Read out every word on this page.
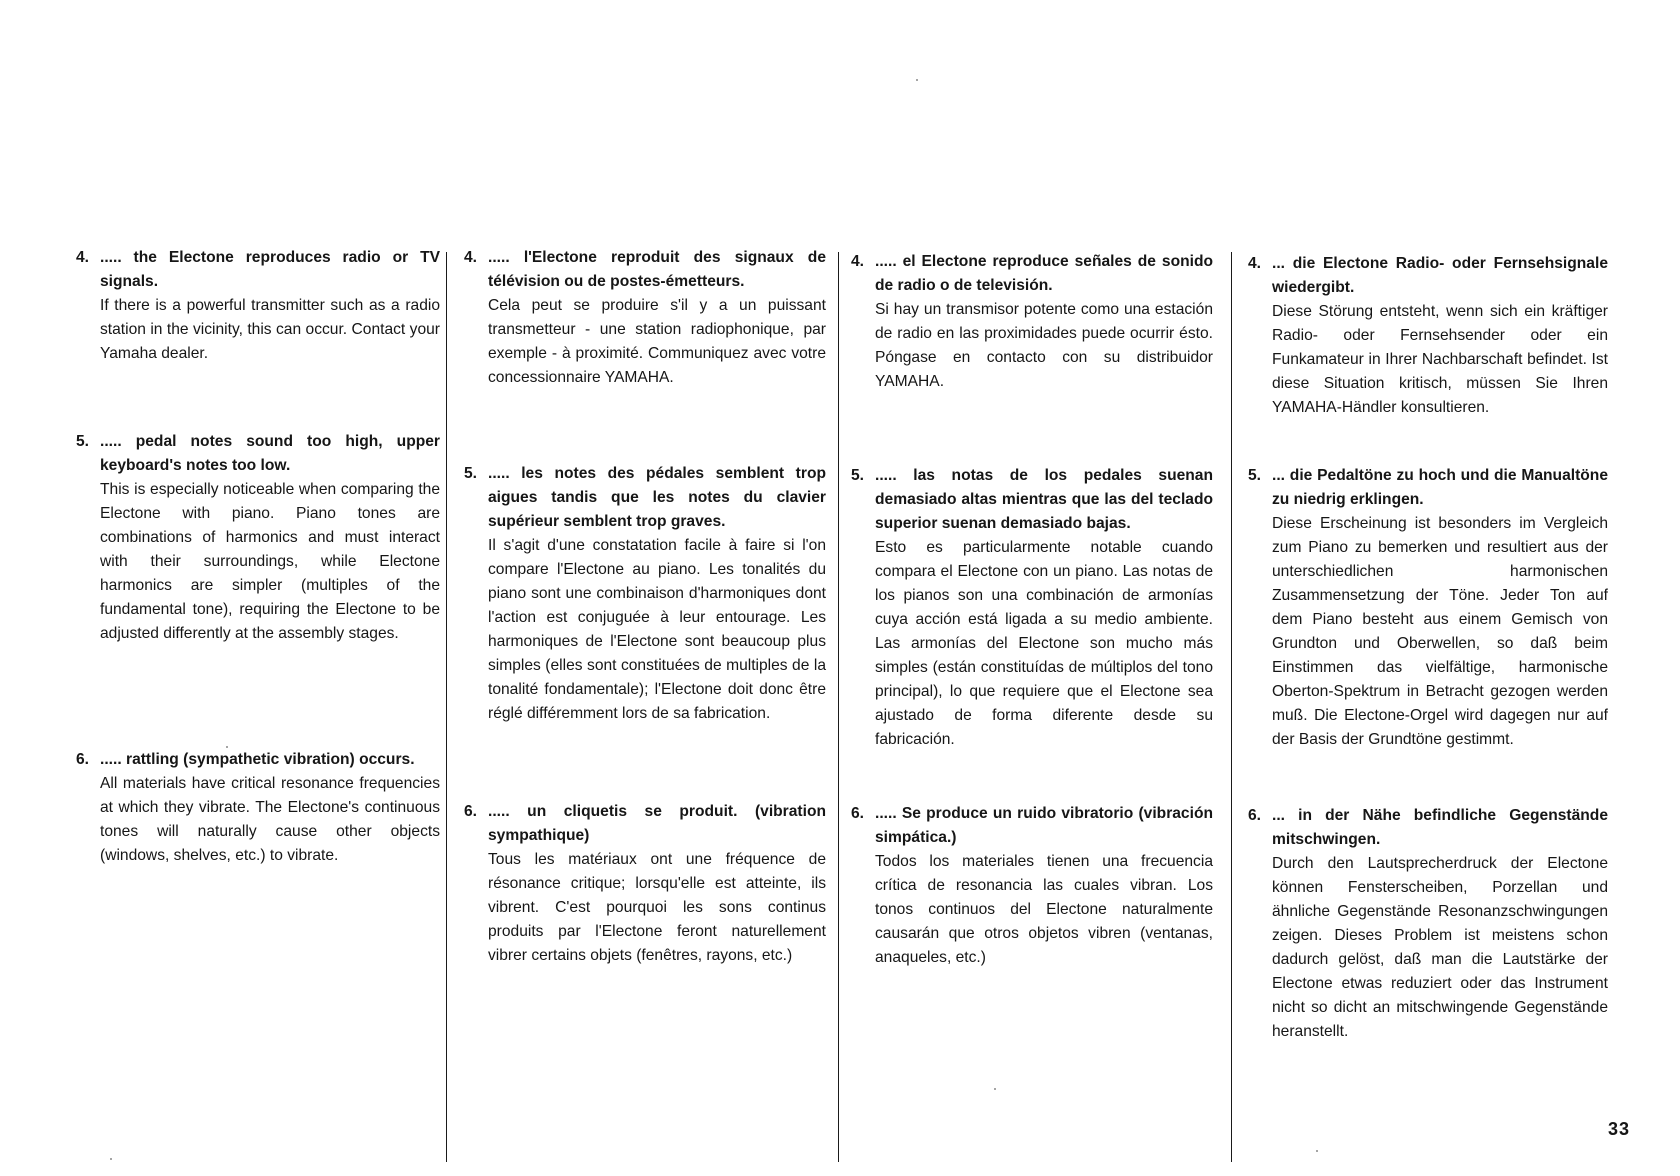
4. ..... the Electone reproduces radio or TV signals.
If there is a powerful transmitter such as a radio station in the vicinity, this can occur. Contact your Yamaha dealer.
5. ..... pedal notes sound too high, upper keyboard's notes too low.
This is especially noticeable when comparing the Electone with piano. Piano tones are combinations of harmonics and must interact with their surroundings, while Electone harmonics are simpler (multiples of the fundamental tone), requiring the Electone to be adjusted differently at the assembly stages.
6. ..... rattling (sympathetic vibration) occurs.
All materials have critical resonance frequencies at which they vibrate. The Electone's continuous tones will naturally cause other objects (windows, shelves, etc.) to vibrate.
4. ..... l'Electone reproduit des signaux de télévision ou de postes-émetteurs.
Cela peut se produire s'il y a un puissant transmetteur - une station radiophonique, par exemple - à proximité. Communiquez avec votre concessionnaire YAMAHA.
5. ..... les notes des pédales semblent trop aigues tandis que les notes du clavier supérieur semblent trop graves.
Il s'agit d'une constatation facile à faire si l'on compare l'Electone au piano. Les tonalités du piano sont une combinaison d'harmoniques dont l'action est conjuguée à leur entourage. Les harmoniques de l'Electone sont beaucoup plus simples (elles sont constituées de multiples de la tonalité fondamentale); l'Electone doit donc être réglé différemment lors de sa fabrication.
6. ..... un cliquetis se produit. (vibration sympathique)
Tous les matériaux ont une fréquence de résonance critique; lorsqu'elle est atteinte, ils vibrent. C'est pourquoi les sons continus produits par l'Electone feront naturellement vibrer certains objets (fenêtres, rayons, etc.)
4. ..... el Electone reproduce señales de sonido de radio o de televisión.
Si hay un transmisor potente como una estación de radio en las proximidades puede ocurrir ésto. Póngase en contacto con su distribuidor YAMAHA.
5. ..... las notas de los pedales suenan demasiado altas mientras que las del teclado superior suenan demasiado bajas.
Esto es particularmente notable cuando compara el Electone con un piano. Las notas de los pianos son una combinación de armonías cuya acción está ligada a su medio ambiente. Las armonías del Electone son mucho más simples (están constituídas de múltiplos del tono principal), lo que requiere que el Electone sea ajustado de forma diferente desde su fabricación.
6. ..... Se produce un ruido vibratorio (vibración simpática.)
Todos los materiales tienen una frecuencia crítica de resonancia las cuales vibran. Los tonos continuos del Electone naturalmente causarán que otros objetos vibren (ventanas, anaqueles, etc.)
4. ... die Electone Radio- oder Fernsehsignale wiedergibt.
Diese Störung entsteht, wenn sich ein kräftiger Radio- oder Fernsehsender oder ein Funkamateur in Ihrer Nachbarschaft befindet. Ist diese Situation kritisch, müssen Sie Ihren YAMAHA-Händler konsultieren.
5. ... die Pedaltöne zu hoch und die Manualtöne zu niedrig erklingen.
Diese Erscheinung ist besonders im Vergleich zum Piano zu bemerken und resultiert aus der unterschiedlichen harmonischen Zusammensetzung der Töne. Jeder Ton auf dem Piano besteht aus einem Gemisch von Grundton und Oberwellen, so daß beim Einstimmen das vielfältige, harmonische Oberton-Spektrum in Betracht gezogen werden muß. Die Electone-Orgel wird dagegen nur auf der Basis der Grundtöne gestimmt.
6. ... in der Nähe befindliche Gegenstände mitschwingen.
Durch den Lautsprecherdruck der Electone können Fensterscheiben, Porzellan und ähnliche Gegenstände Resonanzschwingungen zeigen. Dieses Problem ist meistens schon dadurch gelöst, daß man die Lautstärke der Electone etwas reduziert oder das Instrument nicht so dicht an mitschwingende Gegenstände heranstellt.
33
